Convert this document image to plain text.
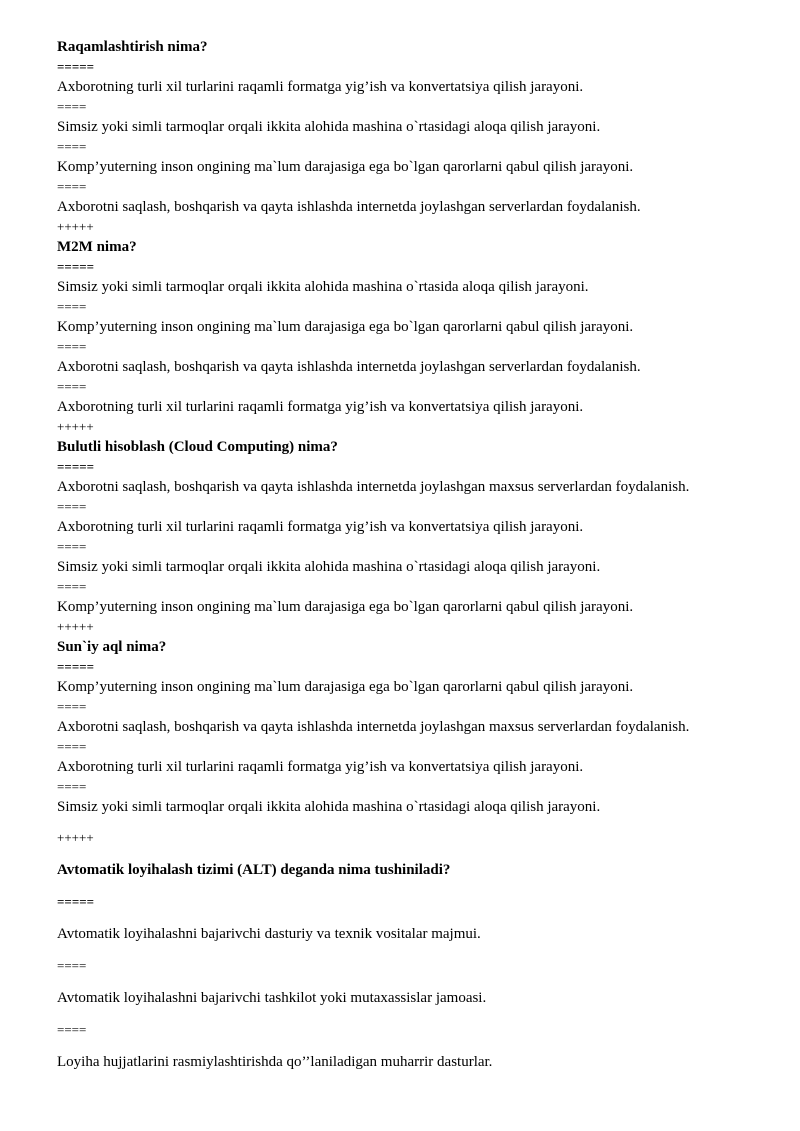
Raqamlashtirish nima?
=====
Axborotning turli xil turlarini raqamli formatga yig’ish va konvertatsiya qilish jarayoni.
====
Simsiz yoki simli tarmoqlar orqali ikkita alohida mashina o`rtasidagi aloqa qilish jarayoni.
====
Komp’yuterning inson ongining ma`lum darajasiga ega bo`lgan qarorlarni qabul qilish jarayoni.
====
Axborotni saqlash, boshqarish va qayta ishlashda internetda joylashgan serverlardan foydalanish.
+++++
M2M nima?
=====
Simsiz yoki simli tarmoqlar orqali ikkita alohida mashina o`rtasida aloqa qilish jarayoni.
====
Komp’yuterning inson ongining ma`lum darajasiga ega bo`lgan qarorlarni qabul qilish jarayoni.
====
Axborotni saqlash, boshqarish va qayta ishlashda internetda joylashgan serverlardan foydalanish.
====
Axborotning turli xil turlarini raqamli formatga yig’ish va konvertatsiya qilish jarayoni.
+++++
Bulutli hisoblash (Cloud Computing) nima?
=====
Axborotni saqlash, boshqarish va qayta ishlashda internetda joylashgan maxsus serverlardan foydalanish.
====
Axborotning turli xil turlarini raqamli formatga yig’ish va konvertatsiya qilish jarayoni.
====
Simsiz yoki simli tarmoqlar orqali ikkita alohida mashina o`rtasidagi aloqa qilish jarayoni.
====
Komp’yuterning inson ongining ma`lum darajasiga ega bo`lgan qarorlarni qabul qilish jarayoni.
+++++
Sun`iy aql nima?
=====
Komp’yuterning inson ongining ma`lum darajasiga ega bo`lgan qarorlarni qabul qilish jarayoni.
====
Axborotni saqlash, boshqarish va qayta ishlashda internetda joylashgan maxsus serverlardan foydalanish.
====
Axborotning turli xil turlarini raqamli formatga yig’ish va konvertatsiya qilish jarayoni.
====
Simsiz yoki simli tarmoqlar orqali ikkita alohida mashina o`rtasidagi aloqa qilish jarayoni.
+++++
Avtomatik loyihalash tizimi (ALT) deganda nima tushiniladi?
=====
Avtomatik loyihalashni bajarivchi dasturiy va texnik vositalar majmui.
====
Avtomatik loyihalashni bajarivchi tashkilot yoki mutaxassislar jamoasi.
====
Loyiha hujjatlarini rasmiylashtirishda qo’’laniladigan muharrir dasturlar.
